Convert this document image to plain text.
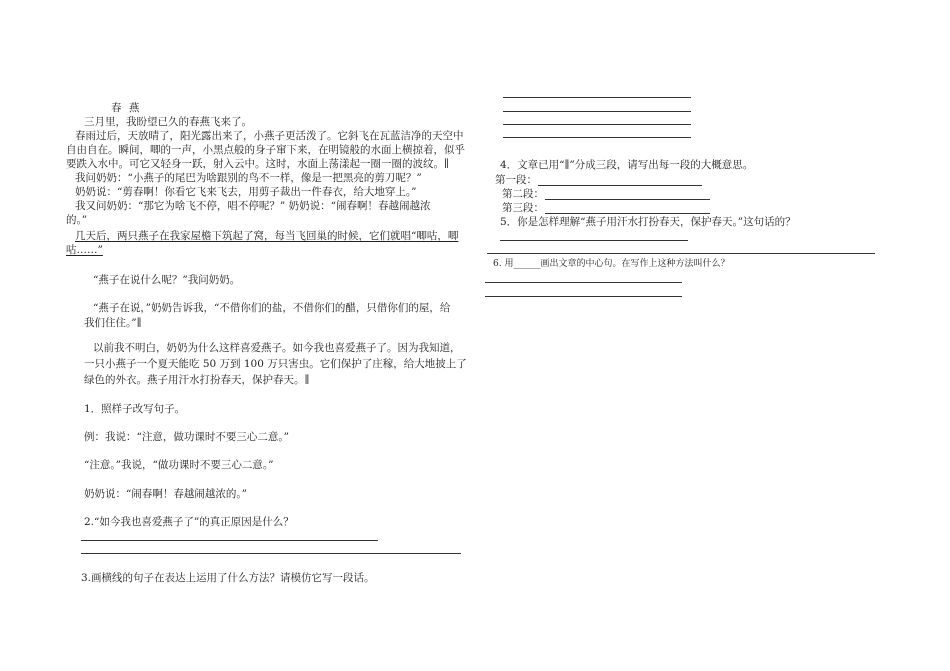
春 燕
三月里，我盼望已久的春燕飞来了。
春雨过后，天放晴了，阳光露出来了，小燕子更活泼了。它斜飞在瓦蓝洁净的天空中
自由自在。瞬间，唧的一声，小黑点般的身子窜下来，在明镜般的水面上横掠着，似乎
要跌入水中。可它又轻身一跃，射入云中。这时，水面上荡漾起一圈一圈的波纹。∥
我问奶奶：“小燕子的尾巴为啥跟别的鸟不一样，像是一把黑亮的剪刀呢？”
奶奶说：“剪春啊！你看它飞来飞去，用剪子裁出一件春衣，给大地穿上。”
我又问奶奶：“那它为啥飞不停，唱不停呢？” 奶奶说：“闹春啊！春越闹越浓
的。”
几天后，两只燕子在我家屋檐下筑起了窝，每当飞回巢的时候，它们就唱“唧咕，唧
咕……”
“燕子在说什么呢？”我问奶奶。
“燕子在说，”奶奶告诉我，“不借你们的盐，不借你们的醋，只借你们的屋，给
我们住住。”∥
以前我不明白，奶奶为什么这样喜爱燕子。如今我也喜爱燕子了。因为我知道，
一只小燕子一个夏天能吃 50 万到 100 万只害虫。它们保护了庄稼，给大地披上了
绿色的外衣。燕子用汗水打扮春天，保护春天。∥
1．照样子改写句子。
例：我说：“注意，做功课时不要三心二意。”
“注意。”我说，“做功课时不要三心二意。”
奶奶说：“闹春啊！春越闹越浓的。”
2.“如今我也喜爱燕子了”的真正原因是什么？
3.画横线的句子在表达上运用了什么方法？请模仿它写一段话。
4．文章已用“∥”分成三段，请写出每一段的大概意思。
第一段：
第二段：
第三段：
5．你是怎样理解“燕子用汗水打扮春天，保护春天。”这句话的？
6. 用______画出文章的中心句。在写作上这种方法叫什么？
